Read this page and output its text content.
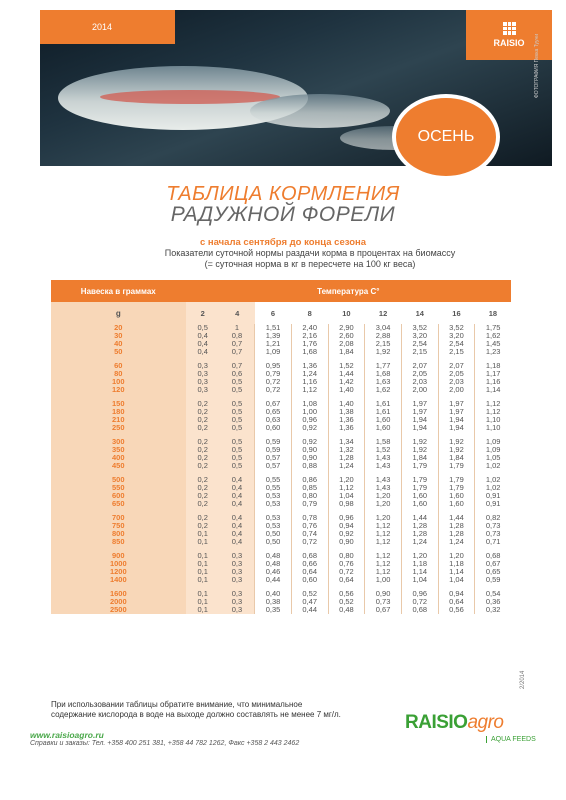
2014
RAISIO
ОСЕНЬ
ФОТОГРАФИЯ Пекка Тууни
ТАБЛИЦА КОРМЛЕНИЯ
РАДУЖНОЙ ФОРЕЛИ
с начала сентября до конца сезона
Показатели суточной нормы раздачи корма в процентах на биомассу
(= суточная норма в кг в пересчете на 100 кг веса)
Навеска в граммах	Температура С°								
g	2	4	6	8	10	12	14	16	18
20	0,5	1	1,51	2,40	2,90	3,04	3,52	3,52	1,75
30	0,4	0,8	1,39	2,16	2,60	2,88	3,20	3,20	1,62
40	0,4	0,7	1,21	1,76	2,08	2,15	2,54	2,54	1,45
50	0,4	0,7	1,09	1,68	1,84	1,92	2,15	2,15	1,23

60	0,3	0,7	0,95	1,36	1,52	1,77	2,07	2,07	1,18
80	0,3	0,6	0,79	1,24	1,44	1,68	2,05	2,05	1,17
100	0,3	0,5	0,72	1,16	1,42	1,63	2,03	2,03	1,16
120	0,3	0,5	0,72	1,12	1,40	1,62	2,00	2,00	1,14

150	0,2	0,5	0,67	1,08	1,40	1,61	1,97	1,97	1,12
180	0,2	0,5	0,65	1,00	1,38	1,61	1,97	1,97	1,12
210	0,2	0,5	0,63	0,96	1,36	1,60	1,94	1,94	1,10
250	0,2	0,5	0,60	0,92	1,36	1,60	1,94	1,94	1,10

300	0,2	0,5	0,59	0,92	1,34	1,58	1,92	1,92	1,09
350	0,2	0,5	0,59	0,90	1,32	1,52	1,92	1,92	1,09
400	0,2	0,5	0,57	0,90	1,28	1,43	1,84	1,84	1,05
450	0,2	0,5	0,57	0,88	1,24	1,43	1,79	1,79	1,02

500	0,2	0,4	0,55	0,86	1,20	1,43	1,79	1,79	1,02
550	0,2	0,4	0,55	0,85	1,12	1,43	1,79	1,79	1,02
600	0,2	0,4	0,53	0,80	1,04	1,20	1,60	1,60	0,91
650	0,2	0,4	0,53	0,79	0,98	1,20	1,60	1,60	0,91

700	0,2	0,4	0,53	0,78	0,96	1,20	1,44	1,44	0,82
750	0,2	0,4	0,53	0,76	0,94	1,12	1,28	1,28	0,73
800	0,1	0,4	0,50	0,74	0,92	1,12	1,28	1,28	0,73
850	0,1	0,4	0,50	0,72	0,90	1,12	1,24	1,24	0,71

900	0,1	0,3	0,48	0,68	0,80	1,12	1,20	1,20	0,68
1000	0,1	0,3	0,48	0,66	0,76	1,12	1,18	1,18	0,67
1200	0,1	0,3	0,46	0,64	0,72	1,12	1,14	1,14	0,65
1400	0,1	0,3	0,44	0,60	0,64	1,00	1,04	1,04	0,59

1600	0,1	0,3	0,40	0,52	0,56	0,90	0,96	0,94	0,54
2000	0,1	0,3	0,38	0,47	0,52	0,73	0,72	0,64	0,36
2500	0,1	0,3	0,35	0,44	0,48	0,67	0,68	0,56	0,32
2/2014
При использовании таблицы обратите внимание, что минимальное
содержание кислорода в воде на выходе должно составлять не менее 7 мг/л.
www.raisioagro.ru
Справки и заказы: Тел. +358 400 251 381, +358 44 782 1262, Факс +358 2 443 2462
RAISIOagro
AQUA FEEDS
